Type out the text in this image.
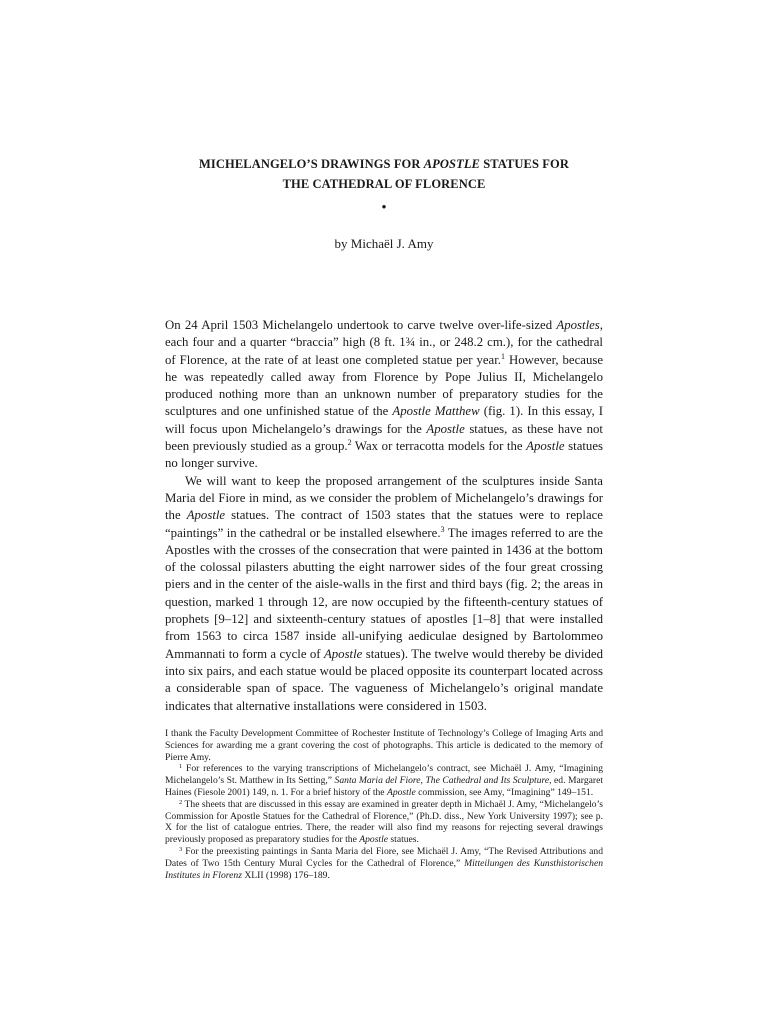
MICHELANGELO’S DRAWINGS FOR APOSTLE STATUES FOR
THE CATHEDRAL OF FLORENCE
•
by Michaël J. Amy

On 24 April 1503 Michelangelo undertook to carve twelve over-life-sized Apostles, each four and a quarter “braccia” high (8 ft. 1¾ in., or 248.2 cm.), for the cathedral of Florence, at the rate of at least one completed statue per year.$^1$ However, because he was repeatedly called away from Florence by Pope Julius II, Michelangelo produced nothing more than an unknown number of preparatory studies for the sculptures and one unfinished statue of the Apostle Matthew (fig. 1). In this essay, I will focus upon Michelangelo’s drawings for the Apostle statues, as these have not been previously studied as a group.$^2$ Wax or terracotta models for the Apostle statues no longer survive.

We will want to keep the proposed arrangement of the sculptures inside Santa Maria del Fiore in mind, as we consider the problem of Michelangelo’s drawings for the Apostle statues. The contract of 1503 states that the statues were to replace “paintings” in the cathedral or be installed elsewhere.$^3$ The images referred to are the Apostles with the crosses of the consecration that were painted in 1436 at the bottom of the colossal pilasters abutting the eight narrower sides of the four great crossing piers and in the center of the aisle-walls in the first and third bays (fig. 2; the areas in question, marked 1 through 12, are now occupied by the fifteenth-century statues of prophets [9–12] and sixteenth-century statues of apostles [1–8] that were installed from 1563 to circa 1587 inside all-unifying aediculae designed by Bartolommeo Ammannati to form a cycle of Apostle statues). The twelve would thereby be divided into six pairs, and each statue would be placed opposite its counterpart located across a considerable span of space. The vagueness of Michelangelo’s original mandate indicates that alternative installations were considered in 1503.

I thank the Faculty Development Committee of Rochester Institute of Technology’s College of Imaging Arts and Sciences for awarding me a grant covering the cost of photographs. This article is dedicated to the memory of Pierre Amy.

$^1$ For references to the varying transcriptions of Michelangelo’s contract, see Michaël J. Amy, “Imagining Michelangelo’s St. Matthew in Its Setting,” Santa Maria del Fiore, The Cathedral and Its Sculpture, ed. Margaret Haines (Fiesole 2001) 149, n. 1. For a brief history of the Apostle commission, see Amy, “Imagining” 149–151.

$^2$ The sheets that are discussed in this essay are examined in greater depth in Michaël J. Amy, “Michelangelo’s Commission for Apostle Statues for the Cathedral of Florence,” (Ph.D. diss., New York University 1997); see p. X for the list of catalogue entries. There, the reader will also find my reasons for rejecting several drawings previously proposed as preparatory studies for the Apostle statues.

$^3$ For the preexisting paintings in Santa Maria del Fiore, see Michaël J. Amy, “The Revised Attributions and Dates of Two 15th Century Mural Cycles for the Cathedral of Florence,” Mitteilungen des Kunsthistorischen Institutes in Florenz XLII (1998) 176–189.
